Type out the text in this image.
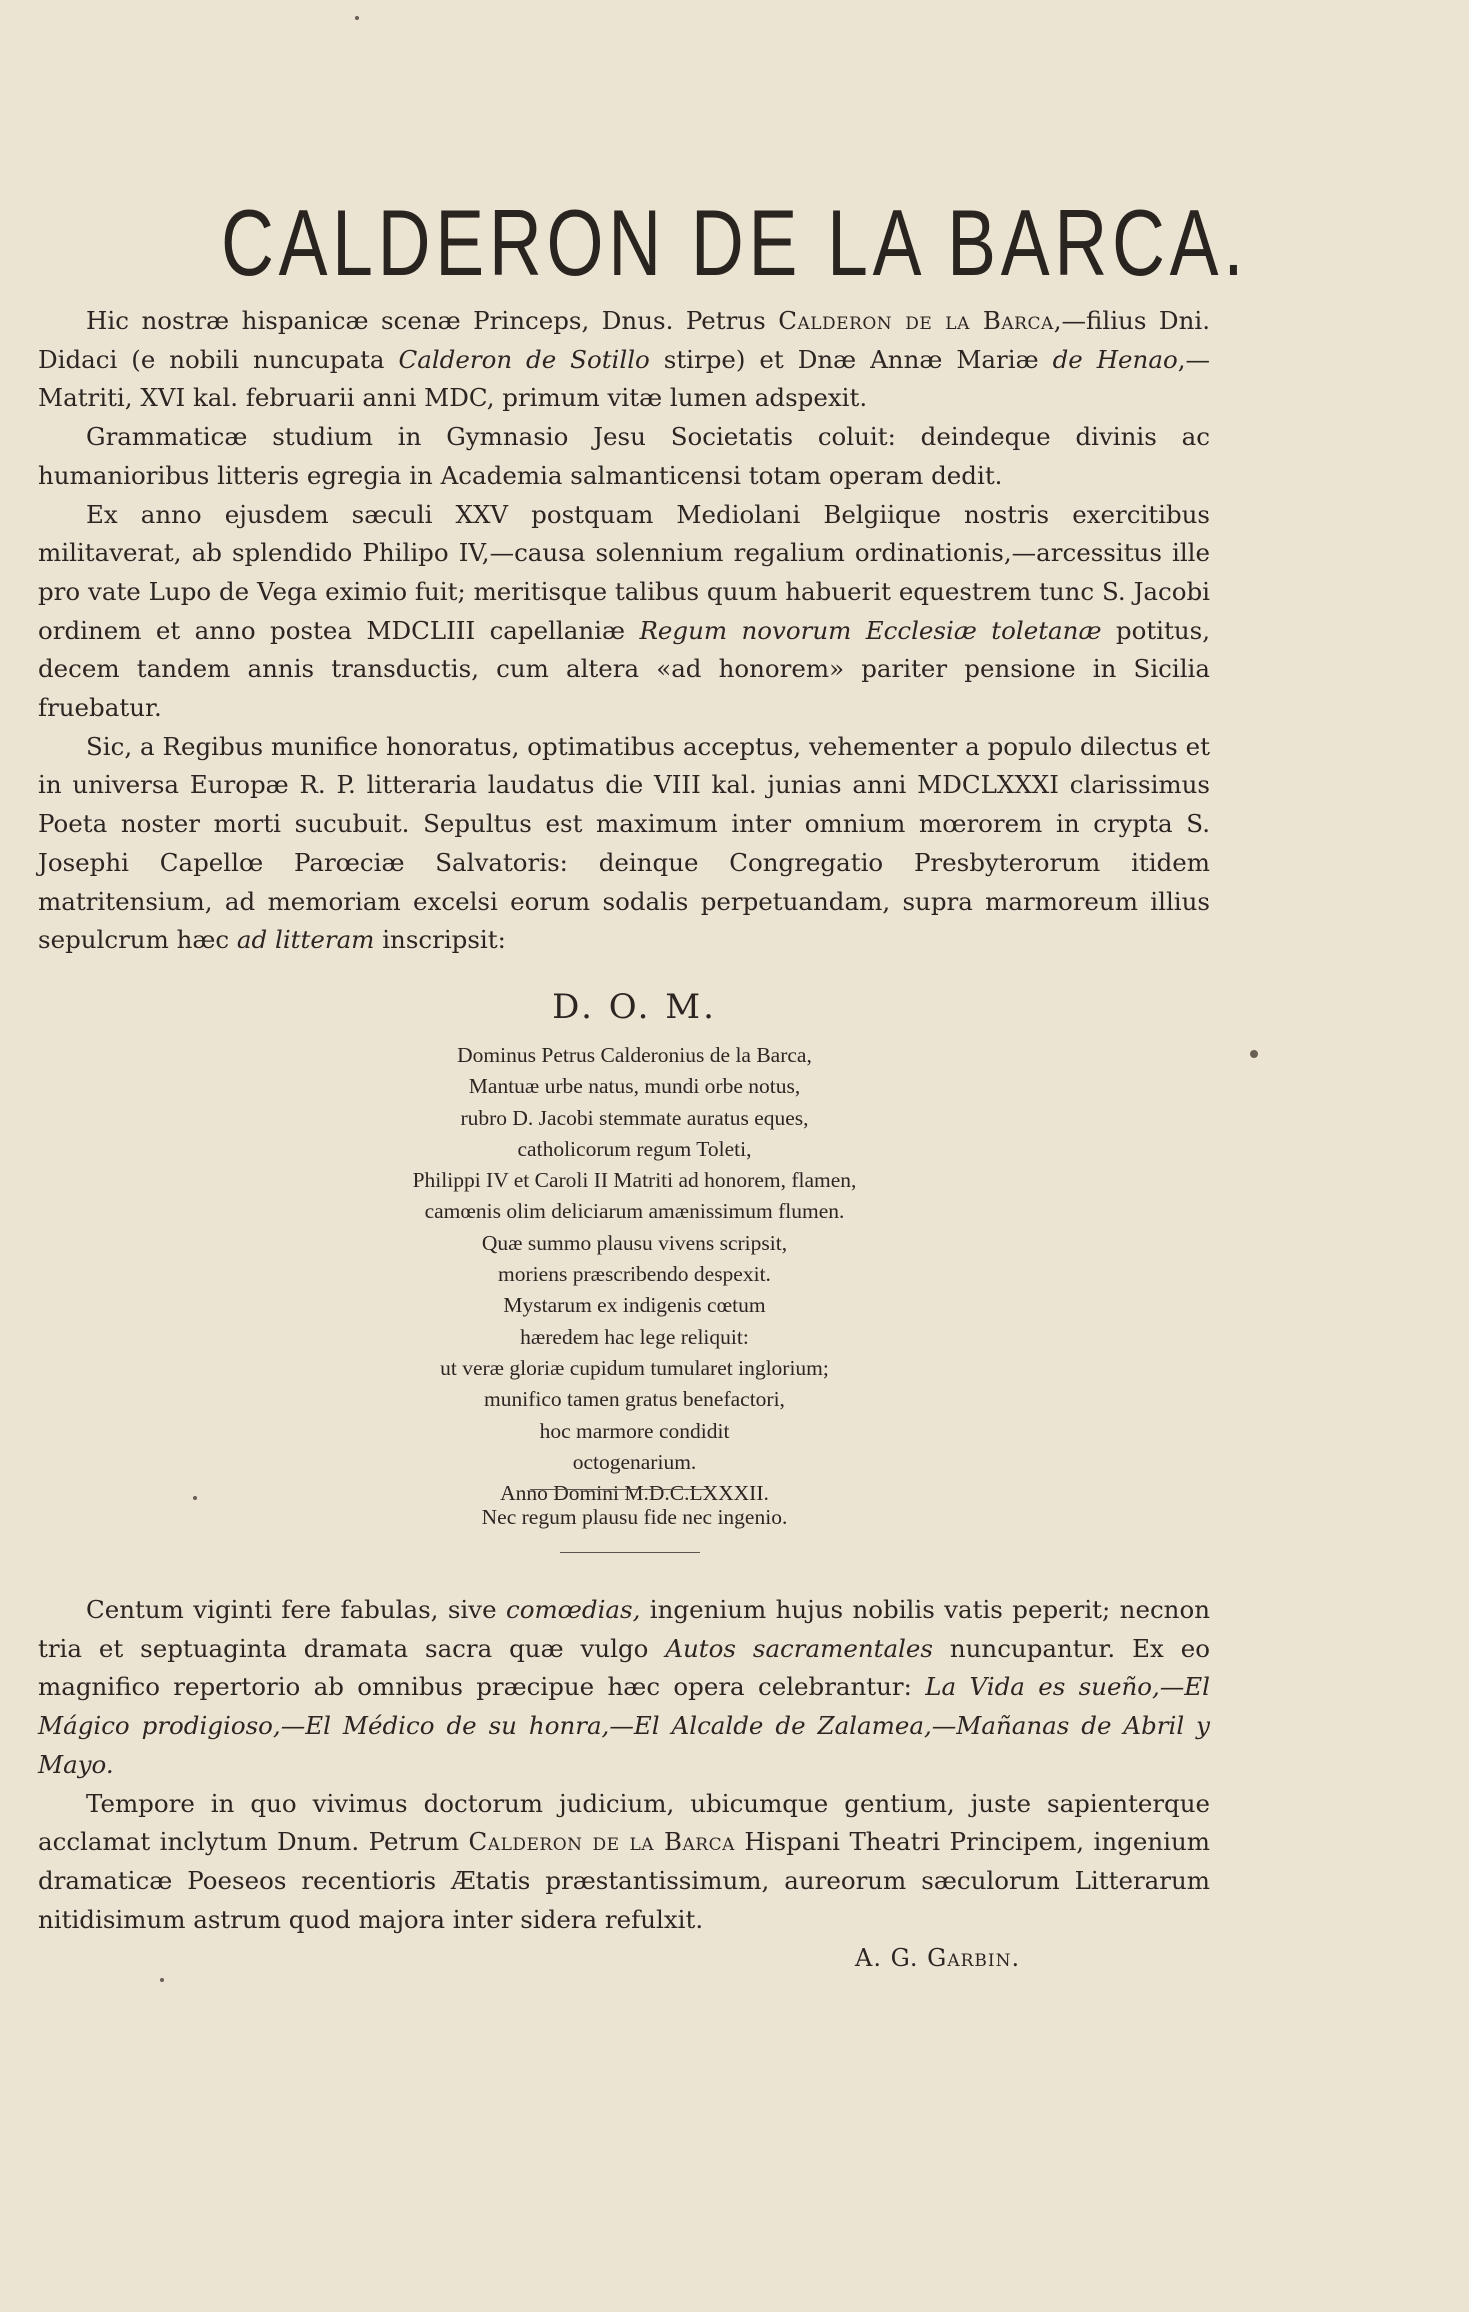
CALDERON DE LA BARCA.

Hic nostræ hispanicæ scenæ Princeps, Dnus. Petrus Calderon de la Barca,—filius Dni. Didaci (e nobili nuncupata Calderon de Sotillo stirpe) et Dnæ Annæ Mariæ de Henao,—Matriti, XVI kal. februarii anni MDC, primum vitæ lumen adspexit.

Grammaticæ studium in Gymnasio Jesu Societatis coluit: deindeque divinis ac humanioribus litteris egregia in Academia salmanticensi totam operam dedit.

Ex anno ejusdem sæculi XXV postquam Mediolani Belgiique nostris exercitibus militaverat, ab splendido Philipo IV,—causa solennium regalium ordinationis,—arcessitus ille pro vate Lupo de Vega eximio fuit; meritisque talibus quum habuerit equestrem tunc S. Jacobi ordinem et anno postea MDCLIII capellaniæ Regum novorum Ecclesiæ toletanæ potitus, decem tandem annis transductis, cum altera «ad honorem» pariter pensione in Sicilia fruebatur.

Sic, a Regibus munifice honoratus, optimatibus acceptus, vehementer a populo dilectus et in universa Europæ R. P. litteraria laudatus die VIII kal. junias anni MDCLXXXI clarissimus Poeta noster morti sucubuit. Sepultus est maximum inter omnium mœrorem in crypta S. Josephi Capellœ Parœciæ Salvatoris: deinque Congregatio Presbyterorum itidem matritensium, ad memoriam excelsi eorum sodalis perpetuandam, supra marmoreum illius sepulcrum hæc ad litteram inscripsit:

D. O. M.
Dominus Petrus Calderonius de la Barca,
Mantuæ urbe natus, mundi orbe notus,
rubro D. Jacobi stemmate auratus eques,
catholicorum regum Toleti,
Philippi IV et Caroli II Matriti ad honorem, flamen,
camœnis olim deliciarum amænissimum flumen.
Quæ summo plausu vivens scripsit,
moriens præscribendo despexit.
Mystarum ex indigenis cœtum
hæredem hac lege reliquit:
ut veræ gloriæ cupidum tumularet inglorium;
munifico tamen gratus benefactori,
hoc marmore condidit
octogenarium.
Anno Domini M.D.C.LXXXII.
Nec regum plausu fide nec ingenio.

Centum viginti fere fabulas, sive comœdias, ingenium hujus nobilis vatis peperit; necnon tria et septuaginta dramata sacra quæ vulgo Autos sacramentales nuncupantur. Ex eo magnifico repertorio ab omnibus præcipue hæc opera celebrantur: La Vida es sueño,—El Mágico prodigioso,—El Médico de su honra,—El Alcalde de Zalamea,—Mañanas de Abril y Mayo.

Tempore in quo vivimus doctorum judicium, ubicumque gentium, juste sapienterque acclamat inclytum Dnum. Petrum Calderon de la Barca Hispani Theatri Principem, ingenium dramaticæ Poeseos recentioris Ætatis præstantissimum, aureorum sæculorum Litterarum nitidisimum astrum quod majora inter sidera refulxit.

A. G. Garbin.
